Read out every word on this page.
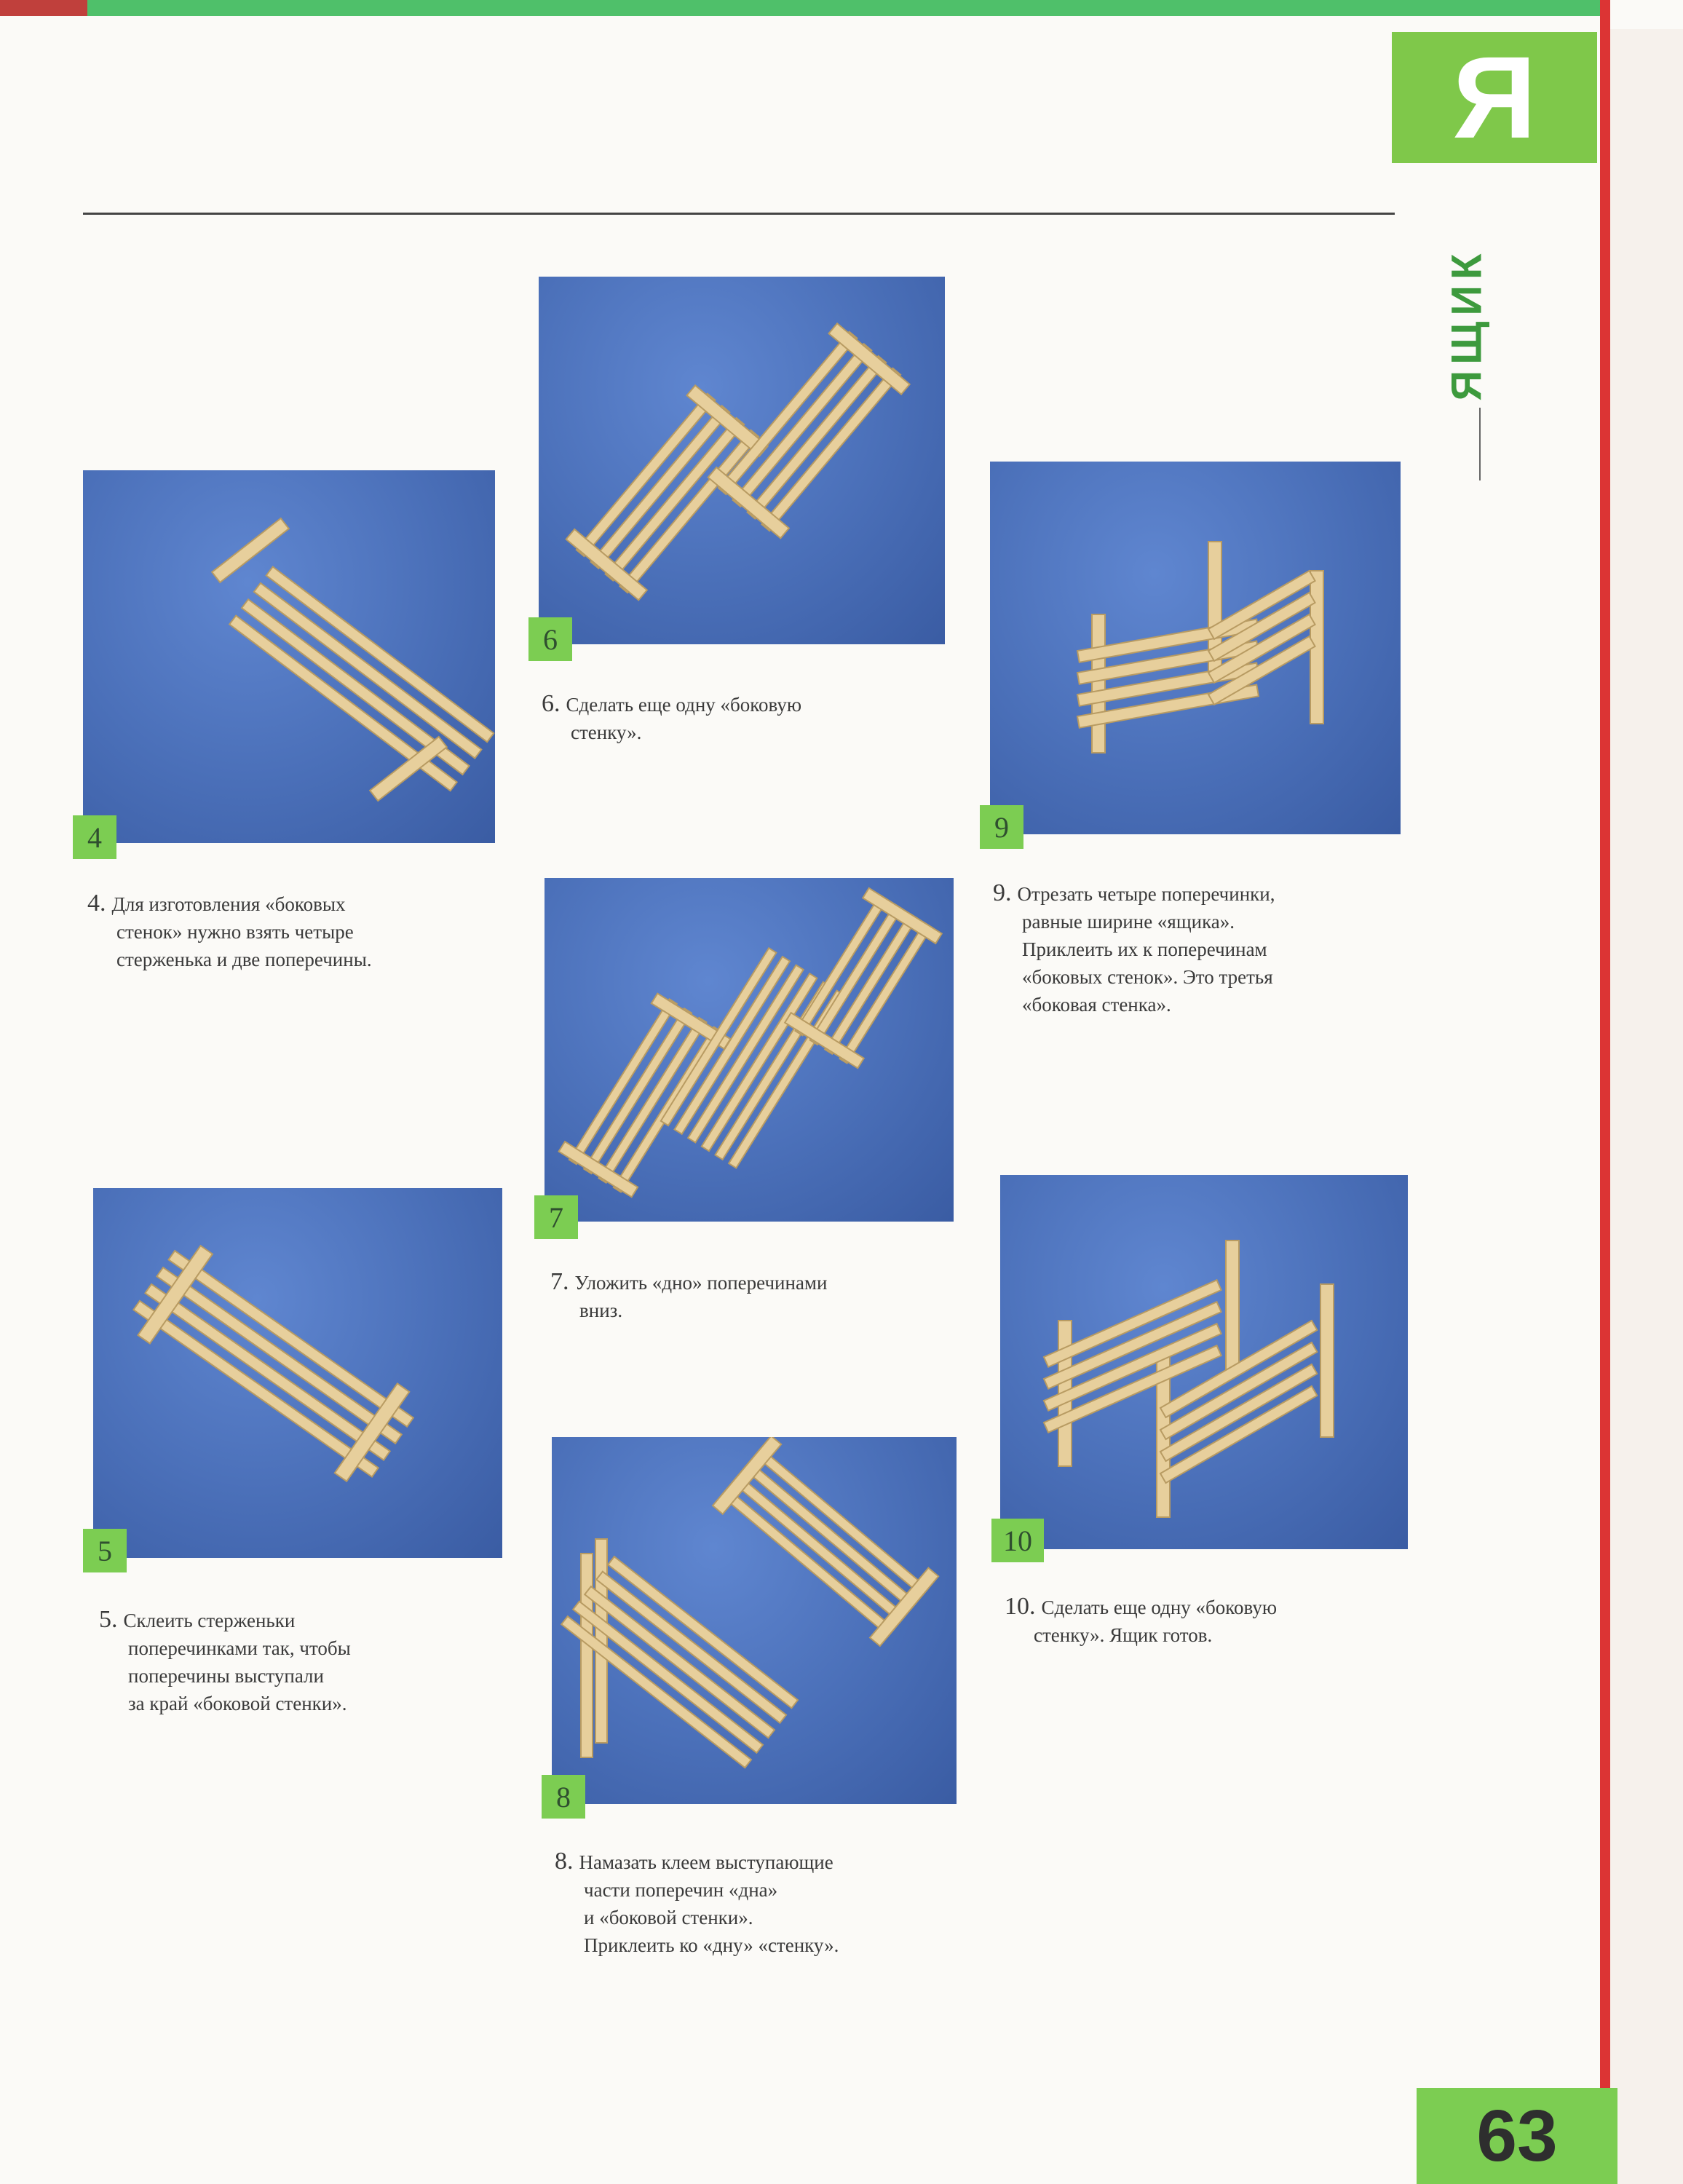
Я
ЯЩИК
4
6
9
7
5	10
8
4. Для изготовления «боковых
стенок» нужно взять четыре
стерженька и две поперечины.
6. Сделать еще одну «боковую
стенку».
9. Отрезать четыре поперечинки,
равные ширине «ящика».
Приклеить их к поперечинам
«боковых стенок». Это третья
«боковая стенка».
7. Уложить «дно» поперечинами
вниз.
5. Склеить стерженьки
поперечинками так, чтобы
поперечины выступали
за край «боковой стенки».
10. Сделать еще одну «боковую
стенку». Ящик готов.
8. Намазать клеем выступающие
части поперечин «дна»
и «боковой стенки».
Приклеить ко «дну» «стенку».
63
